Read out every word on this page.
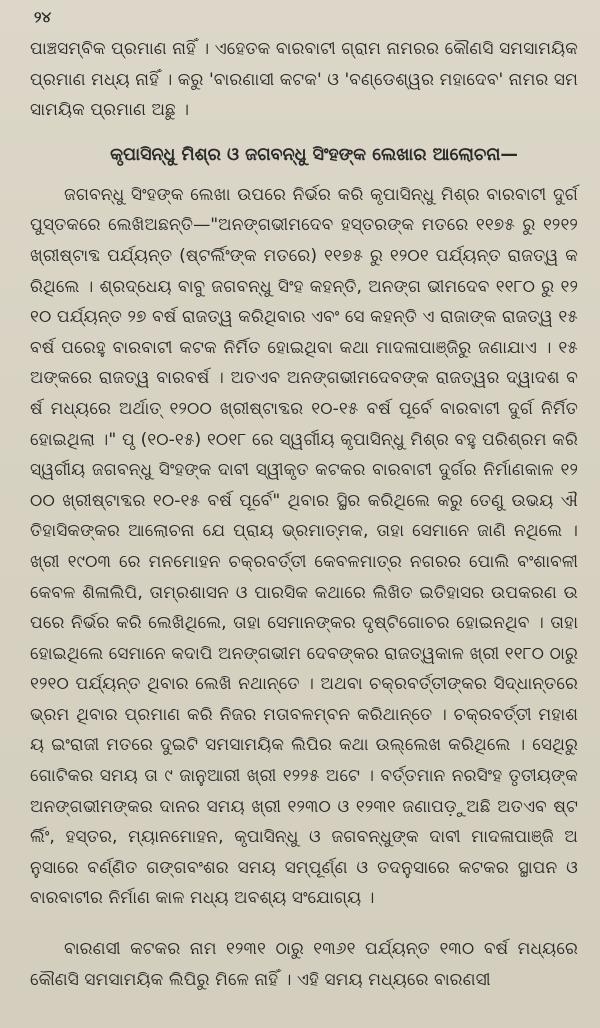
୨୪

ପାଞ୍ଚସମ୍ବିକ ପ୍ରମାଣ ନାହିଁ । ଏହେତକ ବାରବାଟୀ ଗ୍ରାମ ନାମରର କୌଣସି ସମସାମୟିକ ପ୍ରମାଣ ମଧ୍ୟ ନାହିଁ । କରୁ 'ବାରଣାସୀ କଟକ' ଓ 'ବଣ୍ଡେଶ୍ୱର ମହାଦେବ' ନାମର ସମସାମୟିକ ପ୍ରମାଣ ଅଛୁ ।

କୃପାସିନ୍ଧୁ ମିଶ୍ର ଓ ଜଗବନ୍ଧୁ ସିଂହଙ୍କ ଲେଖାର ଆଲୋଚନା—

ଜଗବନ୍ଧୁ ସିଂହଙ୍କ ଲେଖା ଉପରେ ନିର୍ଭର କରି କୃପାସିନ୍ଧୁ ମିଶ୍ର ବାରବାଟୀ ଦୁର୍ଗ ପୁସ୍ତକରେ ଲେଖିଅଛନ୍ତି—"ଅନଙ୍ଗଭୀମଦେବ ହସ୍ତରଙ୍କ ମତରେ ୧୧୭୫ ରୁ ୧୨୧୨ ଖ୍ରୀଷ୍ଟାବ୍ଦ ପର୍ଯ୍ୟନ୍ତ (ଷ୍ଟର୍ଲିଂଙ୍କ ମତରେ) ୧୧୭୫ ରୁ ୧୨୦୧ ପର୍ଯ୍ୟନ୍ତ ରାଜତ୍ୱ କରିଥିଲେ । ଶ୍ରଦ୍ଧେୟ ବାବୁ ଜଗବନ୍ଧୁ ସିଂହ କହନ୍ତି, ଅନଙ୍ଗ ଭୀମଦେବ ୧୧୮୦ ରୁ ୧୨୧୦ ପର୍ଯ୍ୟନ୍ତ ୨୭ ବର୍ଷ ରାଜତ୍ୱ କରିଥିବାର ଏବଂ ସେ କହନ୍ତି ଏ ରାଜାଙ୍କ ରାଜତ୍ୱ ୧୫ ବର୍ଷ ପରେହୁ ବାରବାଟୀ କଟକ ନିର୍ମିତ ହୋଇଥିବା କଥା ମାଦଳାପାଞ୍ଜିରୁ ଜଣାଯାଏ । ୧୫ ଅଙ୍କରେ ରାଜତ୍ୱ ବାରବର୍ଷ । ଅତଏବ ଅନଙ୍ଗଭୀମଦେବଙ୍କ ରାଜତ୍ୱର ଦ୍ୱାଦଶ ବର୍ଷ ମଧ୍ୟରେ ଅର୍ଥାତ୍ ୧୨୦୦ ଖ୍ରୀଷ୍ଟାବ୍ଦର ୧୦-୧୫ ବର୍ଷ ପୂର୍ବେ ବାରବାଟୀ ଦୁର୍ଗ ନିର୍ମିତ ହୋଇଥିଲା ।" ପୃ (୧୦-୧୫) ୧୦୧୮ ରେ ସ୍ୱର୍ଗୀୟ କୃପାସିନ୍ଧୁ ମିଶ୍ର ବହୁ ପରିଶ୍ରମ କରି ସ୍ୱର୍ଗୀୟ ଜଗବନ୍ଧୁ ସିଂହଙ୍କ ଦାବୀ ସ୍ୱୀକୃତ କଟକର ବାରବାଟୀ ଦୁର୍ଗର ନିର୍ମାଣକାଳ ୧୨୦୦ ଖ୍ରୀଷ୍ଟାବ୍ଦର ୧୦-୧୫ ବର୍ଷ ପୂର୍ବେ" ଥିବାର ସ୍ଥିର କରିଥିଲେ କରୁ ତେଣୁ ଉଭୟ ଐତିହାସିକଙ୍କର ଆଲୋଚନା ଯେ ପ୍ରାୟ ଭ୍ରମାତ୍ମକ, ତାହା ସେମାନେ ଜାଣି ନଥିଲେ । ଖ୍ରୀ ୧୯୦୩ ରେ ମନମୋହନ ଚକ୍ରବର୍ତ୍ତୀ କେବଳମାତ୍ର ନଗରର ପୋଲି ବଂଶାବଳୀ କେବଳ ଶିଳାଲିପି, ତାମ୍ରଶାସନ ଓ ପାରସିକ କଥାରେ ଲିଖିତ ଇତିହାସର ଉପକରଣ ଉପରେ ନିର୍ଭର କରି ଲେଖିଥିଲେ, ତାହା ସେମାନଙ୍କର ଦୃଷ୍ଟିଗୋଚର ହୋଇନଥିବ । ତାହା ହୋଇଥିଲେ ସେମାନେ କଦାପି ଅନଙ୍ଗଭୀମ ଦେବଙ୍କର ରାଜତ୍ୱକାଳ ଖ୍ରୀ ୧୧୮୦ ଠାରୁ ୧୨୧୦ ପର୍ଯ୍ୟନ୍ତ ଥିବାର ଲେଖି ନଥାନ୍ତେ । ଅଥବା ଚକ୍ରବର୍ତ୍ତୀଙ୍କର ସିଦ୍ଧାନ୍ତରେ ଭ୍ରମ ଥିବାର ପ୍ରମାଣ କରି ନିଜର ମତାବଳମ୍ବନ କରିଥାନ୍ତେ । ଚକ୍ରବର୍ତ୍ତୀ ମହାଶୟ ଇଂରାଜୀ ମତରେ ଦୁଇଟି ସମସାମୟିକ ଲିପିର କଥା ଉଲ୍ଲେଖ କରିଥିଲେ । ସେଥିରୁ ଗୋଟିକର ସମୟ ତା ୯ ଜାନୁଆରୀ ଖ୍ରୀ ୧୨୨୫ ଅଟେ । ବର୍ତ୍ତମାନ ନରସିଂହ ତୃତୀୟଙ୍କ ଅନଙ୍ଗଭୀମଙ୍କର ଦାନର ସମୟ ଖ୍ରୀ ୧୨୩୦ ଓ ୧୨୩୧ ଜଣାପଡ଼ୁଅଛି ଅତଏବ ଷ୍ଟର୍ଲିଂ, ହସ୍ତର, ମ୍ୟାନମୋହନ, କୃପାସିନ୍ଧୁ ଓ ଜଗବନ୍ଧୁଙ୍କ ଦାବୀ ମାଦଳାପାଞ୍ଜି ଅନୁସାରେ ବର୍ଣ୍ଣିତ ଗଙ୍ଗବଂଶର ସମୟ ସମ୍ପୂର୍ଣ୍ଣ ଓ ତଦନୁସାରେ କଟକର ସ୍ଥାପନ ଓ ବାରବାଟୀର ନିର୍ମାଣ କାଳ ମଧ୍ୟ ଅବଶ୍ୟ ସଂଯୋଗ୍ୟ ।

ବାରଣସୀ କଟକର ନାମ ୧୨୩୧ ଠାରୁ ୧୩୬୧ ପର୍ଯ୍ୟନ୍ତ ୧୩୦ ବର୍ଷ ମଧ୍ୟରେ କୌଣସି ସମସାମୟିକ ଲିପିରୁ ମିଳେ ନାହିଁ । ଏହି ସମୟ ମଧ୍ୟରେ ବାରଣସୀ
